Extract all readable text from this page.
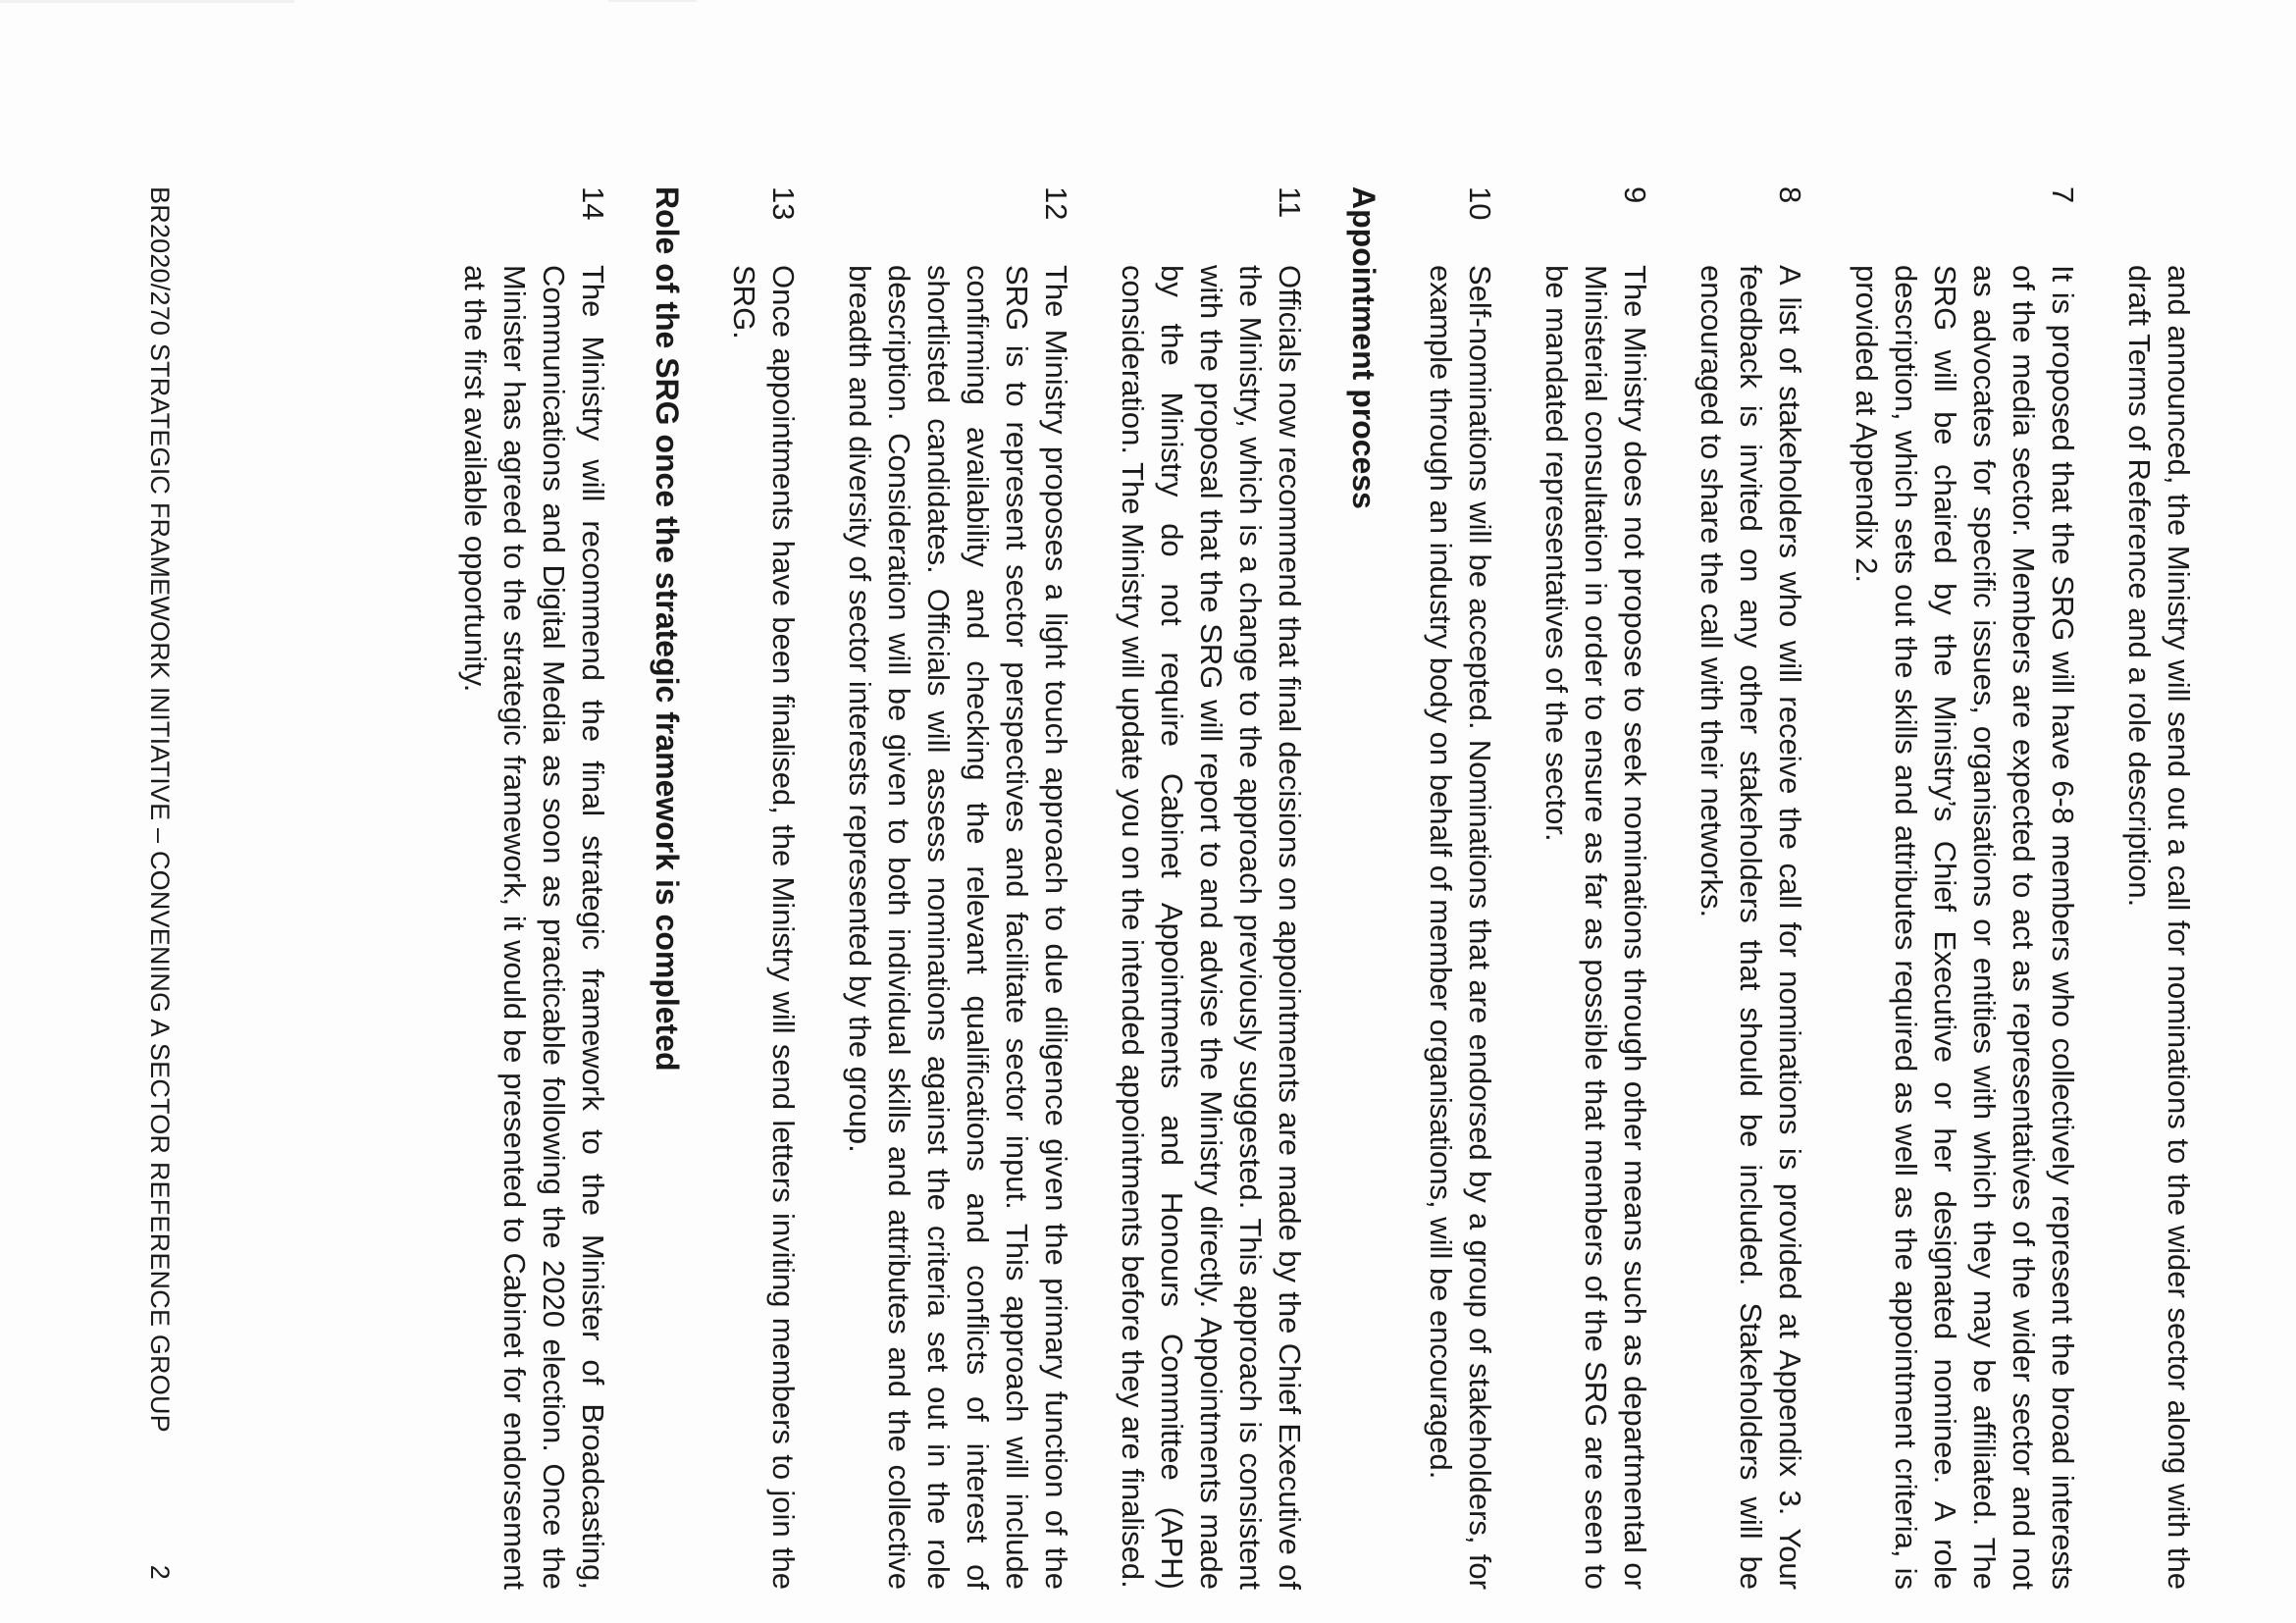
and announced, the Ministry will send out a call for nominations to the wider sector along with the draft Terms of Reference and a role description.

7
It is proposed that the SRG will have 6-8 members who collectively represent the broad interests of the media sector. Members are expected to act as representatives of the wider sector and not as advocates for specific issues, organisations or entities with which they may be affiliated. The SRG will be chaired by the Ministry’s Chief Executive or her designated nominee. A role description, which sets out the skills and attributes required as well as the appointment criteria, is provided at Appendix 2.

8
A list of stakeholders who will receive the call for nominations is provided at Appendix 3. Your feedback is invited on any other stakeholders that should be included. Stakeholders will be encouraged to share the call with their networks.

9
The Ministry does not propose to seek nominations through other means such as departmental or Ministerial consultation in order to ensure as far as possible that members of the SRG are seen to be mandated representatives of the sector.

10
Self-nominations will be accepted. Nominations that are endorsed by a group of stakeholders, for example through an industry body on behalf of member organisations, will be encouraged.

Appointment process

11
Officials now recommend that final decisions on appointments are made by the Chief Executive of the Ministry, which is a change to the approach previously suggested. This approach is consistent with the proposal that the SRG will report to and advise the Ministry directly. Appointments made by the Ministry do not require Cabinet Appointments and Honours Committee (APH) consideration. The Ministry will update you on the intended appointments before they are finalised.

12
The Ministry proposes a light touch approach to due diligence given the primary function of the SRG is to represent sector perspectives and facilitate sector input. This approach will include confirming availability and checking the relevant qualifications and conflicts of interest of shortlisted candidates. Officials will assess nominations against the criteria set out in the role description. Consideration will be given to both individual skills and attributes and the collective breadth and diversity of sector interests represented by the group.

13
Once appointments have been finalised, the Ministry will send letters inviting members to join the SRG.

Role of the SRG once the strategic framework is completed

14
The Ministry will recommend the final strategic framework to the Minister of Broadcasting, Communications and Digital Media as soon as practicable following the 2020 election. Once the Minister has agreed to the strategic framework, it would be presented to Cabinet for endorsement at the first available opportunity.

BR2020/270 STRATEGIC FRAMEWORK INITIATIVE – CONVENING A SECTOR REFERENCE GROUP
2
